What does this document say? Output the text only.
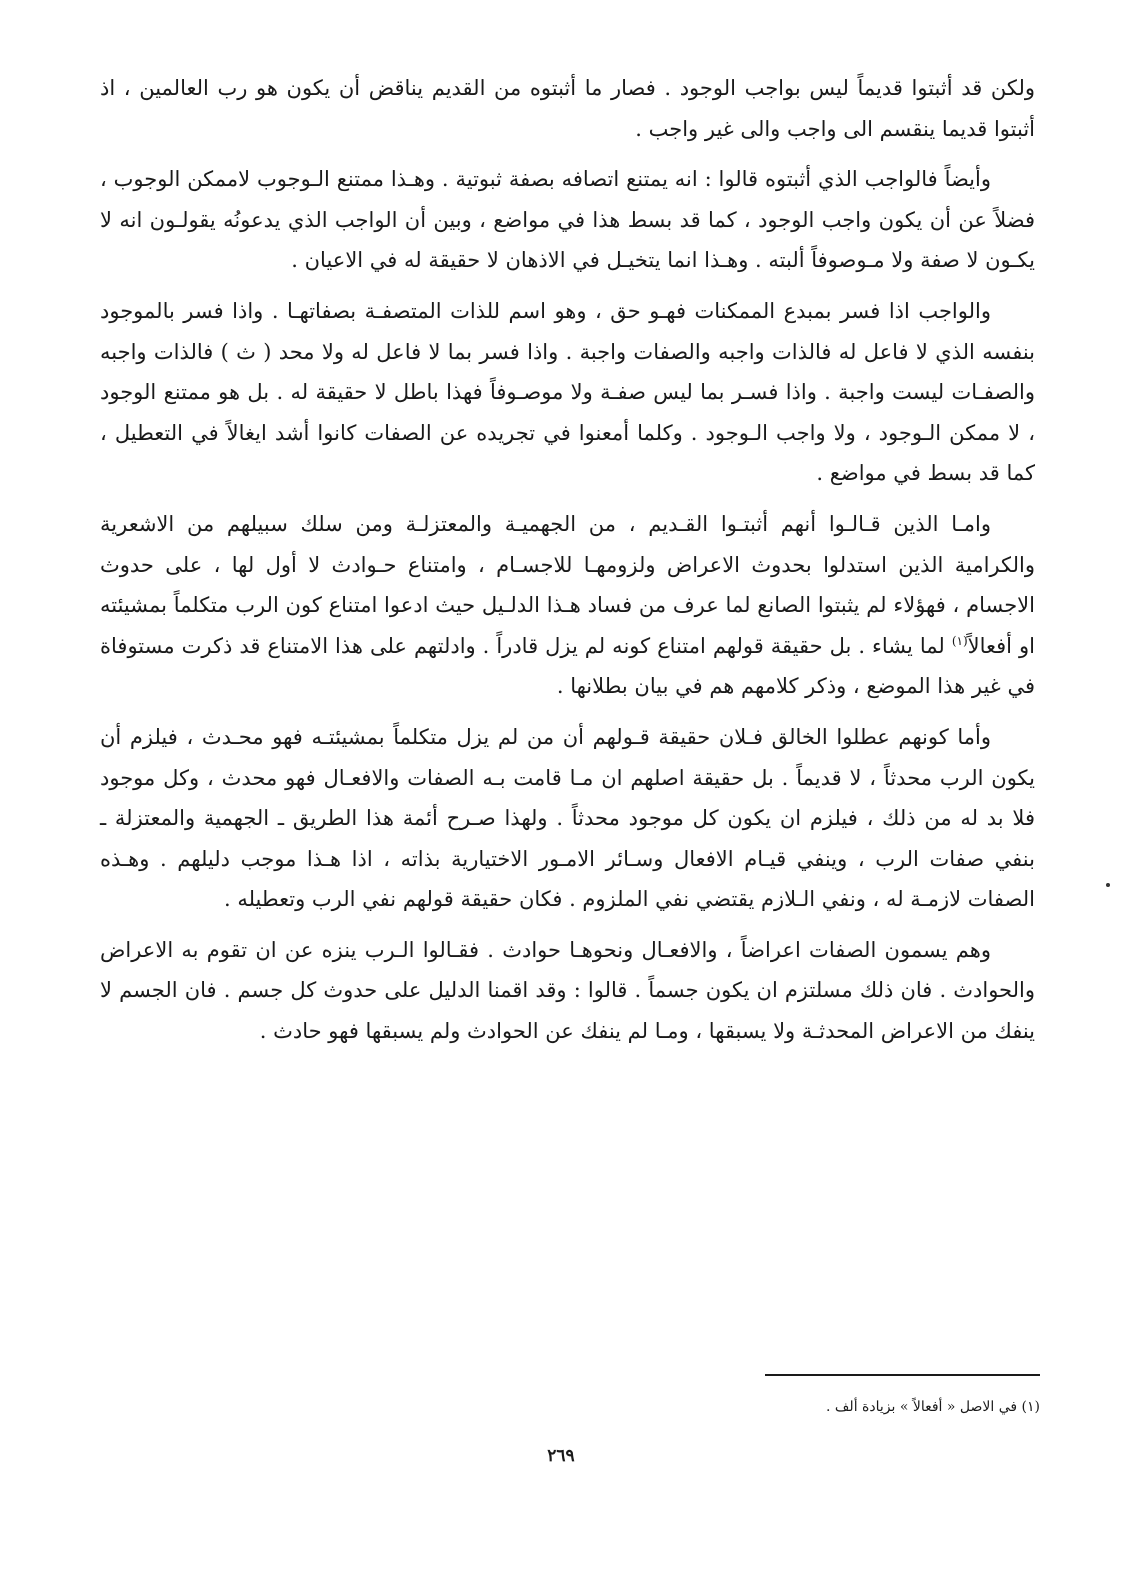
ولكن قد أثبتوا قديماً ليس بواجب الوجود . فصار ما أثبتوه من القديم يناقض أن يكون هو رب العالمين ، اذ أثبتوا قديما ينقسم الى واجب والى غير واجب .

وأيضاً فالواجب الذي أثبتوه قالوا : انه يمتنع اتصافه بصفة ثبوتية . وهـذا ممتنع الـوجوب لاممكن الوجوب ، فضلاً عن أن يكون واجب الوجود ، كما قد بسط هذا في مواضع ، وبين أن الواجب الذي يدعونُه يقولـون انه لا يكـون لا صفة ولا مـوصوفاً ألبته . وهـذا انما يتخيـل في الاذهان لا حقيقة له في الاعيان .

والواجب اذا فسر بمبدع الممكنات فهـو حق ، وهو اسم للذات المتصفـة بصفاتهـا . واذا فسر بالموجود بنفسه الذي لا فاعل له فالذات واجبه والصفات واجبة . واذا فسر بما لا فاعل له ولا محد ( ث ) فالذات واجبه والصفـات ليست واجبة . واذا فسـر بما ليس صفـة ولا موصـوفاً فهذا باطل لا حقيقة له . بل هو ممتنع الوجود ، لا ممكن الـوجود ، ولا واجب الـوجود . وكلما أمعنوا في تجريده عن الصفات كانوا أشد ايغالاً في التعطيل ، كما قد بسط في مواضع .

وامـا الذين قـالـوا أنهم أثبتـوا القـديم ، من الجهميـة والمعتزلـة ومن سلك سبيلهم من الاشعرية والكرامية الذين استدلوا بحدوث الاعراض ولزومهـا للاجسـام ، وامتناع حـوادث لا أول لها ، على حدوث الاجسام ، فهؤلاء لم يثبتوا الصانع لما عرف من فساد هـذا الدلـيل حيث ادعوا امتناع كون الرب متكلماً بمشيئته او أفعالاً$^{(١)}$ لما يشاء . بل حقيقة قولهم امتناع كونه لم يزل قادراً . وادلتهم على هذا الامتناع قد ذكرت مستوفاة في غير هذا الموضع ، وذكر كلامهم هم في بيان بطلانها .

وأما كونهم عطلوا الخالق فـلان حقيقة قـولهم أن من لم يزل متكلماً بمشيئتـه فهو محـدث ، فيلزم أن يكون الرب محدثاً ، لا قديماً . بل حقيقة اصلهم ان مـا قامت بـه الصفات والافعـال فهو محدث ، وكل موجود فلا بد له من ذلك ، فيلزم ان يكون كل موجود محدثاً . ولهذا صـرح أئمة هذا الطريق ـ الجهمية والمعتزلة ـ بنفي صفات الرب ، وينفي قيـام الافعال وسـائر الامـور الاختيارية بذاته ، اذا هـذا موجب دليلهم . وهـذه الصفات لازمـة له ، ونفي الـلازم يقتضي نفي الملزوم . فكان حقيقة قولهم نفي الرب وتعطيله .

وهم يسمون الصفات اعراضاً ، والافعـال ونحوهـا حوادث . فقـالوا الـرب ينزه عن ان تقوم به الاعراض والحوادث . فان ذلك مسلتزم ان يكون جسماً . قالوا : وقد اقمنا الدليل على حدوث كل جسم . فان الجسم لا ينفك من الاعراض المحدثـة ولا يسبقها ، ومـا لم ينفك عن الحوادث ولم يسبقها فهو حادث .

(١) في الاصل « أفعالاً » بزيادة ألف .
٢٦٩
